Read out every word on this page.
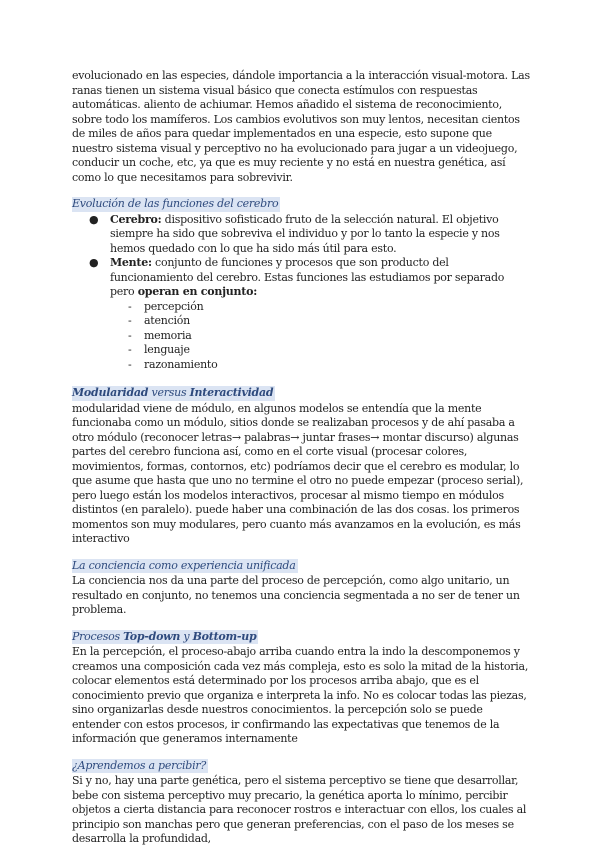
evolucionado en las especies, dándole importancia a la interacción visual-motora. Las ranas tienen un sistema visual básico que conecta estímulos con respuestas automáticas. aliento de achiumar. Hemos añadido el sistema de reconocimiento, sobre todo los mamíferos. Los cambios evolutivos son muy lentos, necesitan cientos de miles de años para quedar implementados en una especie, esto supone que nuestro sistema visual y perceptivo no ha evolucionado para jugar a un videojuego, conducir un coche, etc, ya que es muy reciente y no está en nuestra genética, así como lo que necesitamos para sobrevivir.

Evolución de las funciones del cerebro
● Cerebro: dispositivo sofisticado fruto de la selección natural. El objetivo siempre ha sido que sobreviva el individuo y por lo tanto la especie y nos hemos quedado con lo que ha sido más útil para esto.
● Mente: conjunto de funciones y procesos que son producto del funcionamiento del cerebro. Estas funciones las estudiamos por separado pero operan en conjunto:
- percepción
- atención
- memoria
- lenguaje
- razonamiento
Modularidad versus Interactividad

modularidad viene de módulo, en algunos modelos se entendía que la mente funcionaba como un módulo, sitios donde se realizaban procesos y de ahí pasaba a otro módulo (reconocer letras→ palabras→ juntar frases→ montar discurso) algunas partes del cerebro funciona así, como en el corte visual (procesar colores, movimientos, formas, contornos, etc) podríamos decir que el cerebro es modular, lo que asume que hasta que uno no termine el otro no puede empezar (proceso serial), pero luego están los modelos interactivos, procesar al mismo tiempo en módulos distintos (en paralelo). puede haber una combinación de las dos cosas. los primeros momentos son muy modulares, pero cuanto más avanzamos en la evolución, es más interactivo

La conciencia como experiencia unificada

La conciencia nos da una parte del proceso de percepción, como algo unitario, un resultado en conjunto, no tenemos una conciencia segmentada a no ser de tener un problema.

Procesos Top-down y Bottom-up

En la percepción, el proceso-abajo arriba cuando entra la indo la descomponemos y creamos una composición cada vez más compleja, esto es solo la mitad de la historia, colocar elementos está determinado por los procesos arriba abajo, que es el conocimiento previo que organiza e interpreta la info. No es colocar todas las piezas, sino organizarlas desde nuestros conocimientos. la percepción solo se puede entender con estos procesos, ir confirmando las expectativas que tenemos de la información que generamos internamente

¿Aprendemos a percibir?

Si y no, hay una parte genética, pero el sistema perceptivo se tiene que desarrollar, bebe con sistema perceptivo muy precario, la genética aporta lo mínimo, percibir objetos a cierta distancia para reconocer rostros e interactuar con ellos, los cuales al principio son manchas pero que generan preferencias, con el paso de los meses se desarrolla la profundidad,
